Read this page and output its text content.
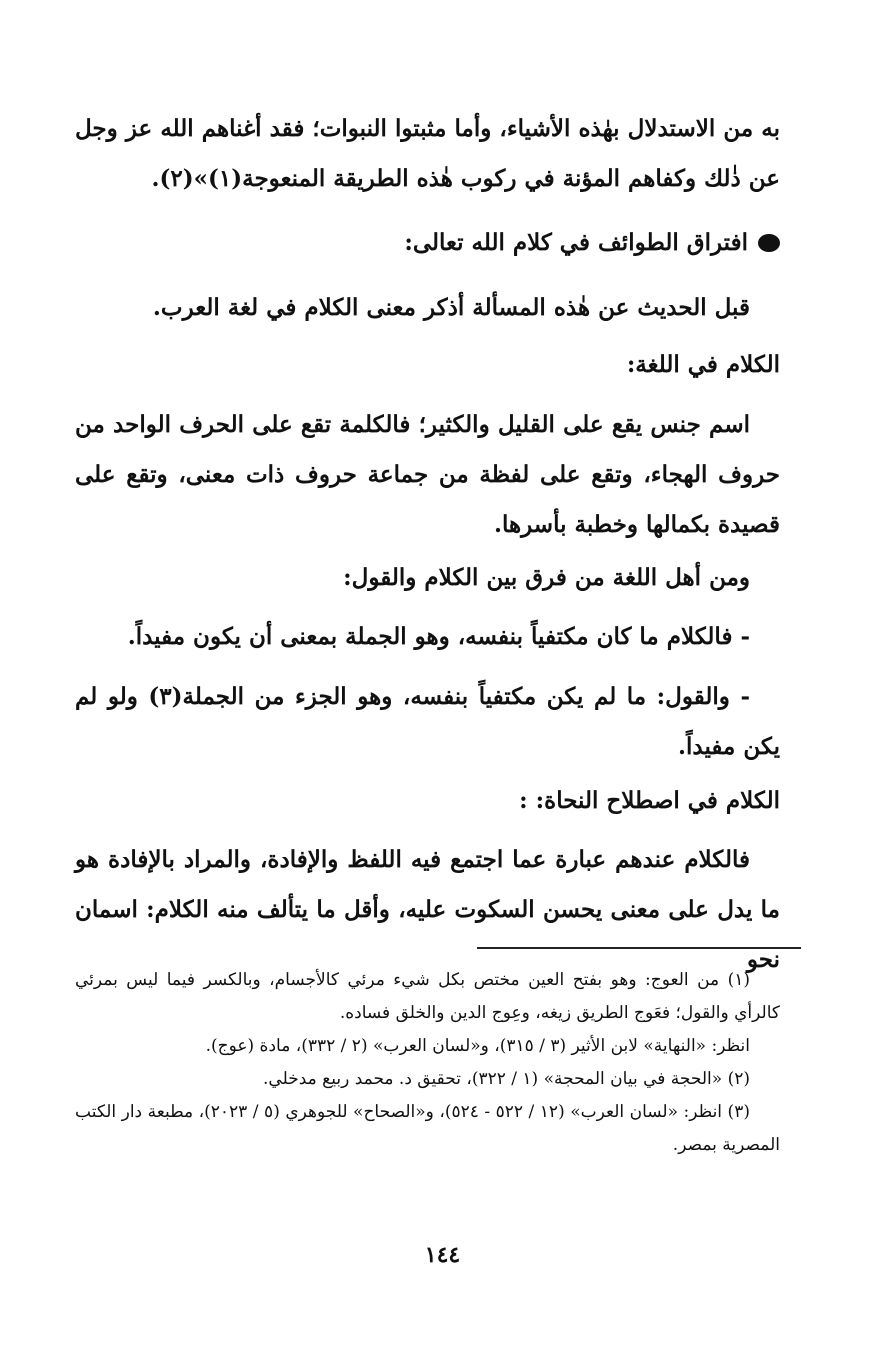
به من الاستدلال بهٰذه الأشياء، وأما مثبتوا النبوات؛ فقد أغناهم الله عز وجل عن ذٰلك وكفاهم المؤنة في ركوب هٰذه الطريقة المنعوجة(١)»(٢).

افتراق الطوائف في كلام الله تعالى:

قبل الحديث عن هٰذه المسألة أذكر معنى الكلام في لغة العرب.

الكلام في اللغة:

اسم جنس يقع على القليل والكثير؛ فالكلمة تقع على الحرف الواحد من حروف الهجاء، وتقع على لفظة من جماعة حروف ذات معنى، وتقع على قصيدة بكمالها وخطبة بأسرها.

ومن أهل اللغة من فرق بين الكلام والقول:

- فالكلام ما كان مكتفياً بنفسه، وهو الجملة بمعنى أن يكون مفيداً.

- والقول: ما لم يكن مكتفياً بنفسه، وهو الجزء من الجملة(٣) ولو لم يكن مفيداً.

الكلام في اصطلاح النحاة: :

فالكلام عندهم عبارة عما اجتمع فيه اللفظ والإفادة، والمراد بالإفادة هو ما يدل على معنى يحسن السكوت عليه، وأقل ما يتألف منه الكلام: اسمان نحو

(١) من العوج: وهو بفتح العين مختص بكل شيء مرئي كالأجسام، وبالكسر فيما ليس بمرئي كالرأي والقول؛ فعَوج الطريق زيغه، وعِوج الدين والخلق فساده.

انظر: «النهاية» لابن الأثير (٣ / ٣١٥)، و«لسان العرب» (٢ / ٣٣٢)، مادة (عوج).

(٢) «الحجة في بيان المحجة» (١ / ٣٢٢)، تحقيق د. محمد ربيع مدخلي.

(٣) انظر: «لسان العرب» (١٢ / ٥٢٢ - ٥٢٤)، و«الصحاح» للجوهري (٥ / ٢٠٢٣)، مطبعة دار الكتب المصرية بمصر.

١٤٤
